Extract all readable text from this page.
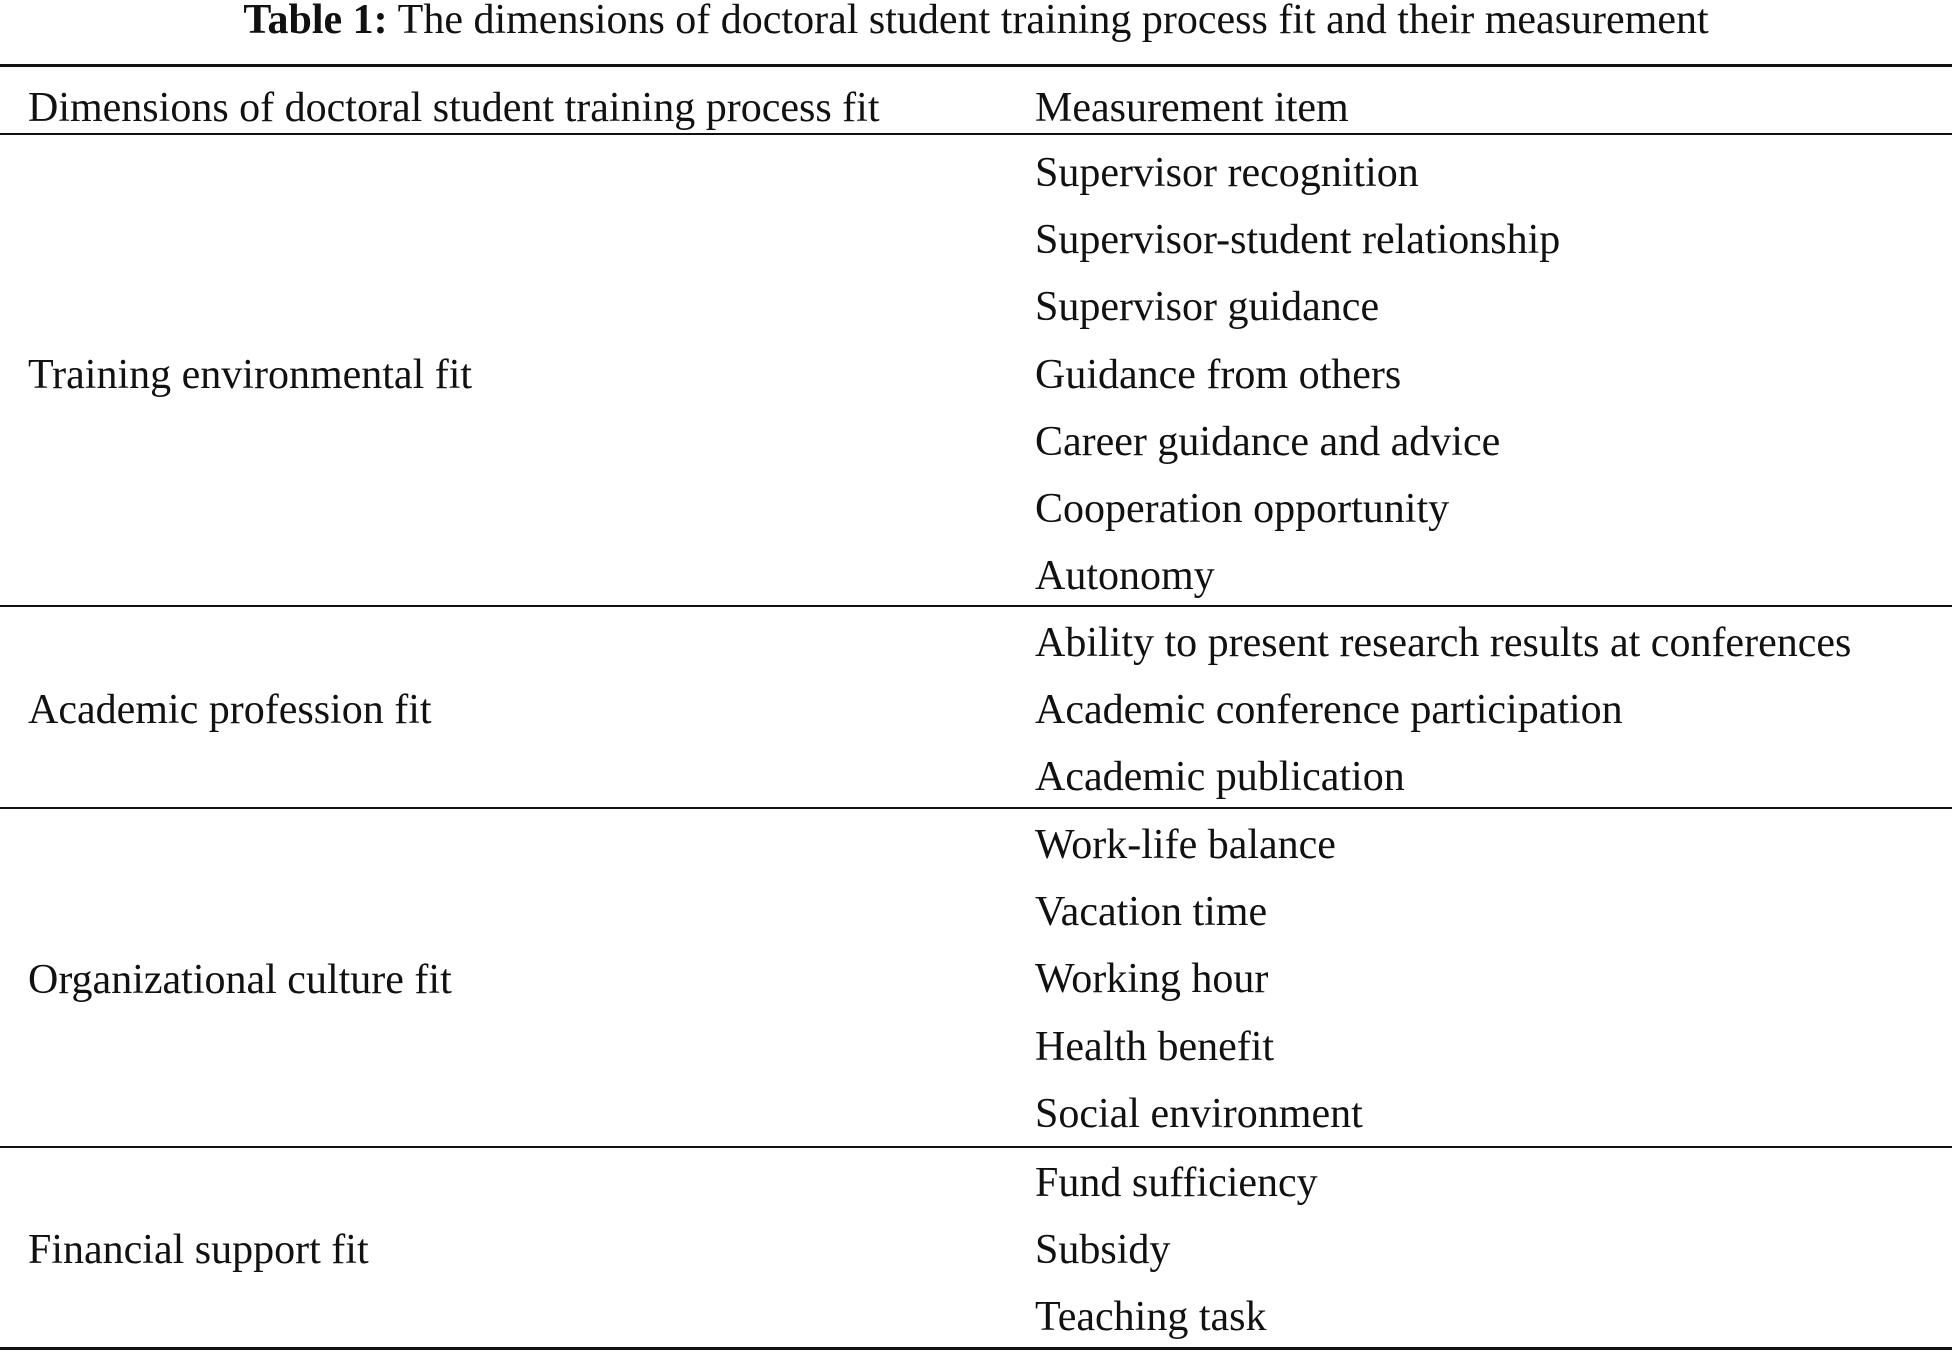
Table 1: The dimensions of doctoral student training process fit and their measurement
Dimensions of doctoral student training process fit	Measurement item
Training environmental fit
Supervisor recognition
Supervisor-student relationship
Supervisor guidance
Guidance from others
Career guidance and advice
Cooperation opportunity
Autonomy
Academic profession fit
Ability to present research results at conferences
Academic conference participation
Academic publication
Organizational culture fit
Work-life balance
Vacation time
Working hour
Health benefit
Social environment
Financial support fit
Fund sufficiency
Subsidy
Teaching task
